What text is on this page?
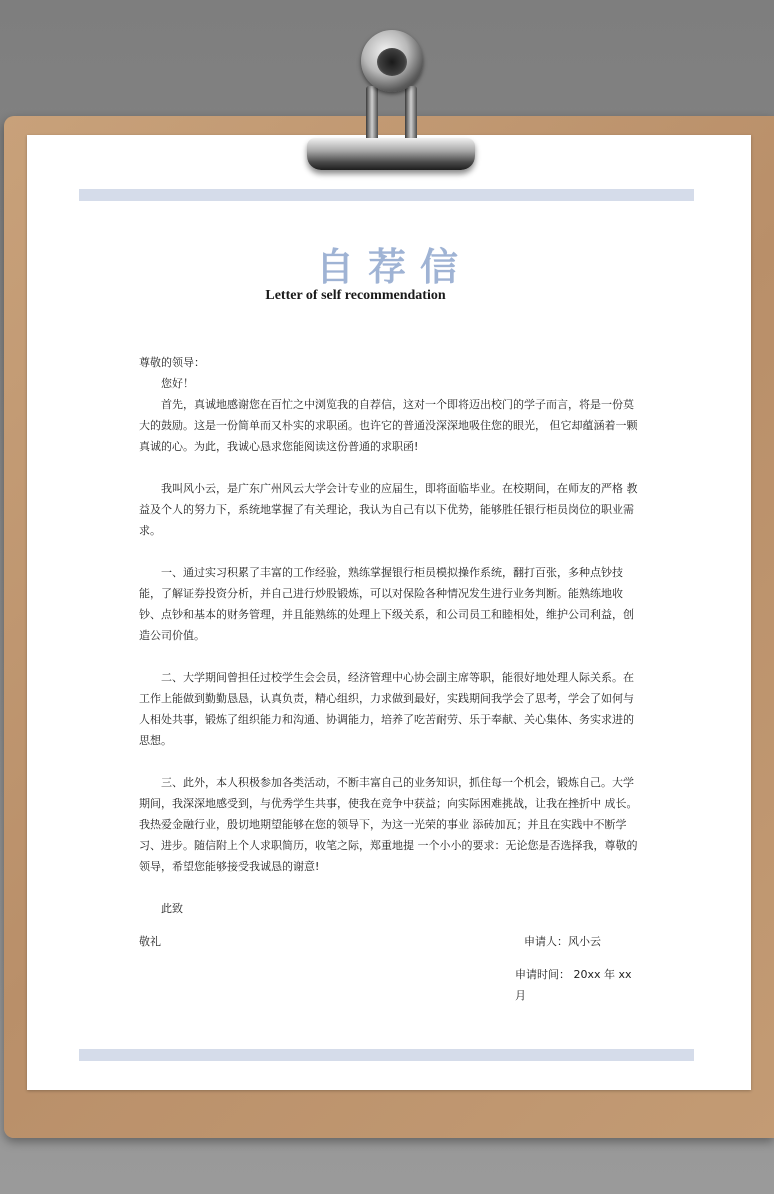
自荐信
Letter of self recommendation

尊敬的领导：

您好！

首先，真诚地感谢您在百忙之中浏览我的自荐信，这对一个即将迈出校门的学子而言，将是一份莫大的鼓励。这是一份简单而又朴实的求职函。也许它的普通没深深地吸住您的眼光， 但它却蕴涵着一颗真诚的心。为此，我诚心恳求您能阅读这份普通的求职函!

我叫风小云，是广东广州风云大学会计专业的应届生，即将面临毕业。在校期间，在师友的严格 教益及个人的努力下，系统地掌握了有关理论，我认为自己有以下优势，能够胜任银行柜员岗位的职业需求。

一、通过实习积累了丰富的工作经验，熟练掌握银行柜员模拟操作系统，翻打百张，多种点钞技能，了解证券投资分析，并自己进行炒股锻炼，可以对保险各种情况发生进行业务判断。能熟练地收钞、点钞和基本的财务管理，并且能熟练的处理上下级关系，和公司员工和睦相处，维护公司利益，创造公司价值。

二、大学期间曾担任过校学生会会员，经济管理中心协会副主席等职，能很好地处理人际关系。在工作上能做到勤勤恳恳，认真负责，精心组织，力求做到最好，实践期间我学会了思考，学会了如何与人相处共事，锻炼了组织能力和沟通、协调能力，培养了吃苦耐劳、乐于奉献、关心集体、务实求进的思想。

三、此外，本人积极参加各类活动，不断丰富自己的业务知识，抓住每一个机会，锻炼自己。大学期间，我深深地感受到，与优秀学生共事，使我在竞争中获益；向实际困难挑战，让我在挫折中 成长。我热爱金融行业，殷切地期望能够在您的领导下，为这一光荣的事业 添砖加瓦；并且在实践中不断学习、进步。随信附上个人求职简历，收笔之际，郑重地提 一个小小的要求：无论您是否选择我，尊敬的领导，希望您能够接受我诚恳的谢意!

此致

敬礼	申请人：风小云
申请时间： 20xx 年 xx 月
